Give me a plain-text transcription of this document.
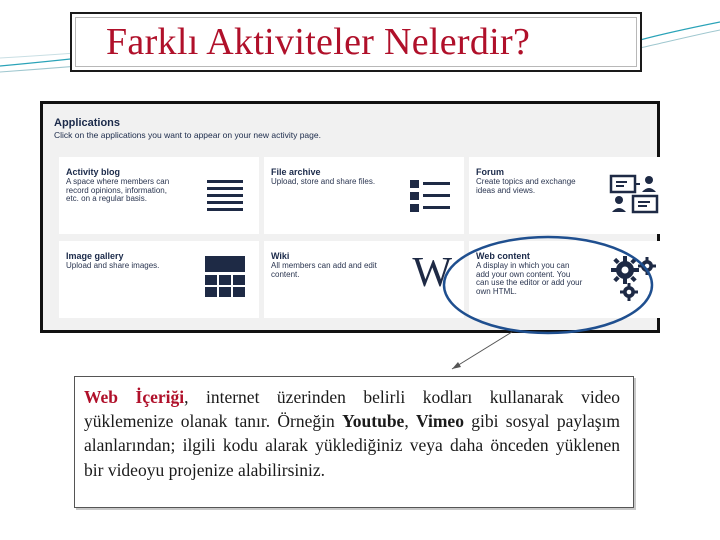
Farklı Aktiviteler Nelerdir?
Applications
Click on the applications you want to appear on your new activity page.
Activity blog
A space where members can record opinions, information, etc. on a regular basis.
File archive
Upload, store and share files.
Forum
Create topics and exchange ideas and views.
Image gallery
Upload and share images.
Wiki
All members can add and edit content.	W	Web content
A display in which you can add your own content. You can use the editor or add your own HTML.
Web İçeriği, internet üzerinden belirli kodları kullanarak video yüklemenize olanak tanır. Örneğin Youtube, Vimeo gibi sosyal paylaşım alanlarından; ilgili kodu alarak yüklediğiniz veya daha önceden yüklenen bir videoyu projenize alabilirsiniz.
